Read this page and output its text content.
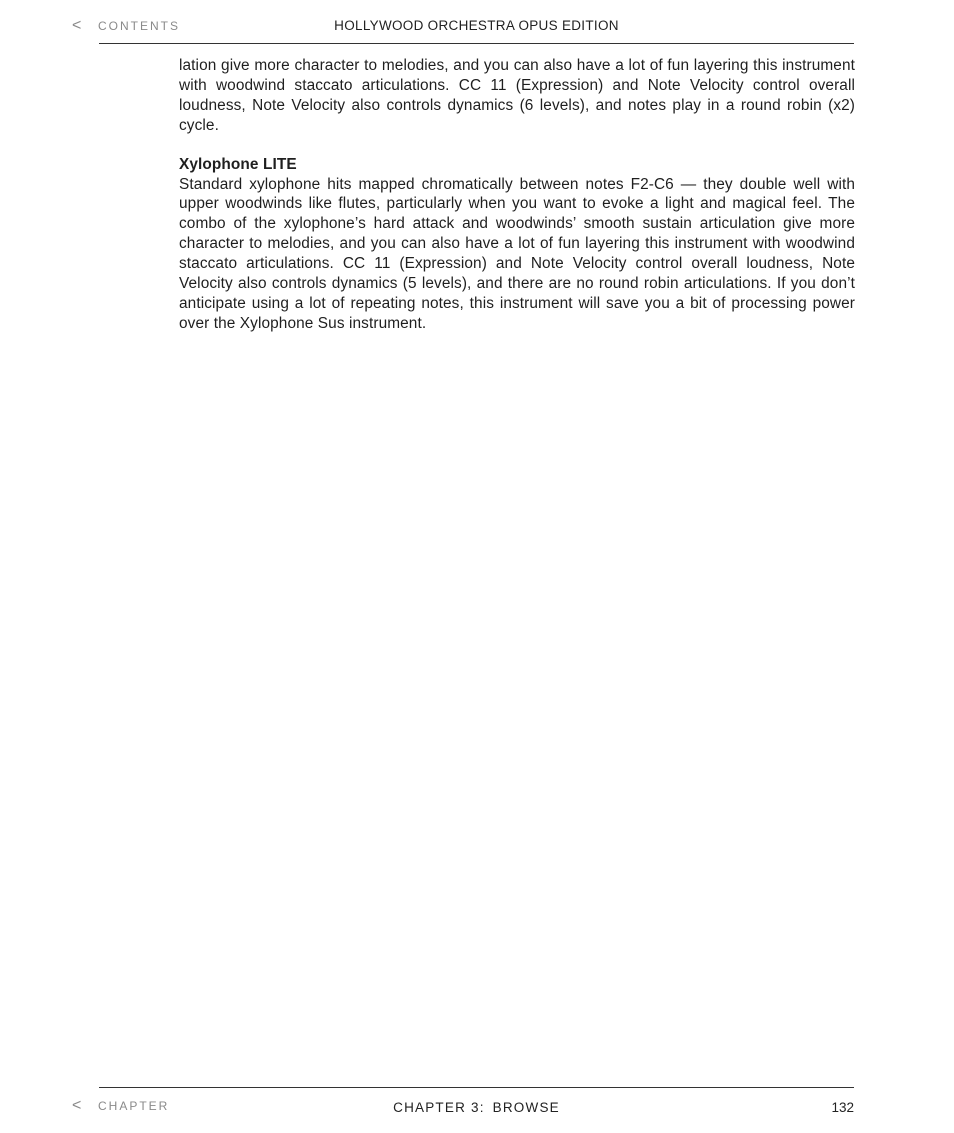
<	CONTENTS	HOLLYWOOD ORCHESTRA OPUS EDITION

lation give more character to melodies, and you can also have a lot of fun layering this instrument with woodwind staccato articulations. CC 11 (Expression) and Note Velocity control overall loudness, Note Velocity also controls dynamics (6 levels), and notes play in a round robin (x2) cycle.

Xylophone LITE

Standard xylophone hits mapped chromatically between notes F2-C6 — they double well with upper woodwinds like flutes, particularly when you want to evoke a light and magical feel. The combo of the xylophone’s hard attack and woodwinds’ smooth sustain articulation give more character to melodies, and you can also have a lot of fun layering this instrument with woodwind staccato articulations. CC 11 (Expression) and Note Velocity control overall loudness, Note Velocity also controls dynamics (5 levels), and there are no round robin articulations. If you don’t anticipate using a lot of repeating notes, this instrument will save you a bit of processing power over the Xylophone Sus instrument.

<	CHAPTER	CHAPTER 3: BROWSE	132
